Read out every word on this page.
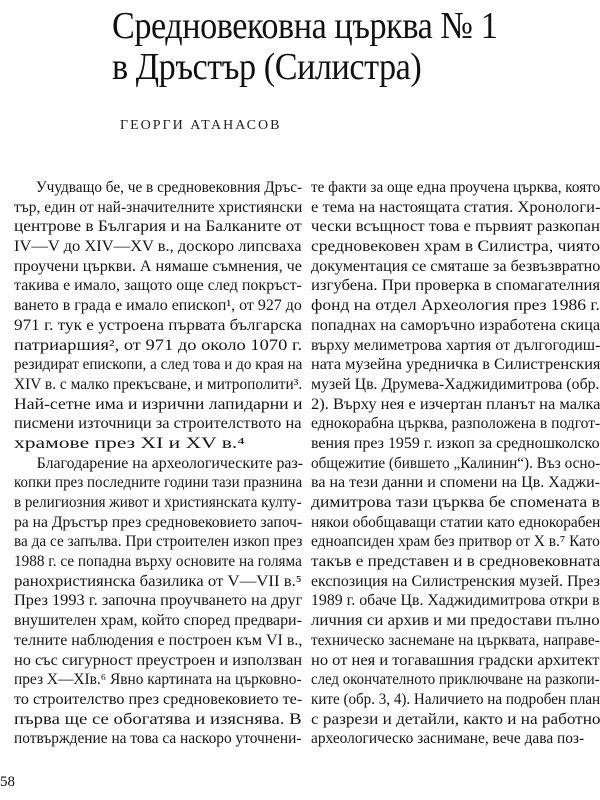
Средновековна църква № 1
в Дръстър (Силистра)
ГЕОРГИ АТАНАСОВ
Учудващо бе, че в средновековния Дръс-
тър, един от най-значителните християнски
центрове в България и на Балканите от
IV—V до XIV—XV в., доскоро липсваха
проучени църкви. А нямаше съмнения, че
такива е имало, защото още след покръст-
ването в града е имало епископ¹, от 927 до
971 г. тук е устроена първата българска
патриаршия², от 971 до около 1070 г.
резидират епископи, а след това и до края на
XIV в. с малко прекъсване, и митрополити³.
Най-сетне има и изрични лапидарни и
писмени източници за строителството на
храмове през XI и XV в.⁴
Благодарение на археологическите раз-
копки през последните години тази празнина
в религиозния живот и християнската култу-
ра на Дръстър през средновековието започ-
ва да се запълва. При строителен изкоп през
1988 г. се попадна върху основите на голяма
ранохристиянска базилика от V—VII в.⁵
През 1993 г. започна проучването на друг
внушителен храм, който според предвари-
телните наблюдения е построен към VI в.,
но със сигурност преустроен и използван
през X—XIв.⁶ Явно картината на църковно-
то строителство през средновековието те-
първа ще се обогатява и изяснява. В
потвърждение на това са наскоро уточнени-
те факти за още една проучена църква, която
е тема на настоящата статия. Хронологи-
чески всъщност това е първият разкопан
средновековен храм в Силистра, чиято
документация се смяташе за безвъзвратно
изгубена. При проверка в спомагателния
фонд на отдел Археология през 1986 г.
попаднах на саморъчно изработена скица
върху мелиметрова хартия от дългогодиш-
ната музейна уредничка в Силистренския
музей Цв. Друмева-Хаджидимитрова (обр.
2). Върху нея е изчертан планът на малка
еднокорабна църква, разположена в подгот-
вения през 1959 г. изкоп за средношколско
общежитие (бившето „Калинин“). Въз осно-
ва на тези данни и спомени на Цв. Хаджи-
димитрова тази църква бе спомената в
някои обобщаващи статии като еднокорабен
едноапсиден храм без притвор от X в.⁷ Като
такъв е представен и в средновековната
експозиция на Силистренския музей. През
1989 г. обаче Цв. Хаджидимитрова откри в
личния си архив и ми предостави пълно
техническо заснемане на църквата, направе-
но от нея и тогавашния градски архитект
след окончателното приключване на разкопи-
ките (обр. 3, 4). Наличието на подробен план
с разрези и детайли, както и на работно
археологическо заснимане, вече дава поз-
58
